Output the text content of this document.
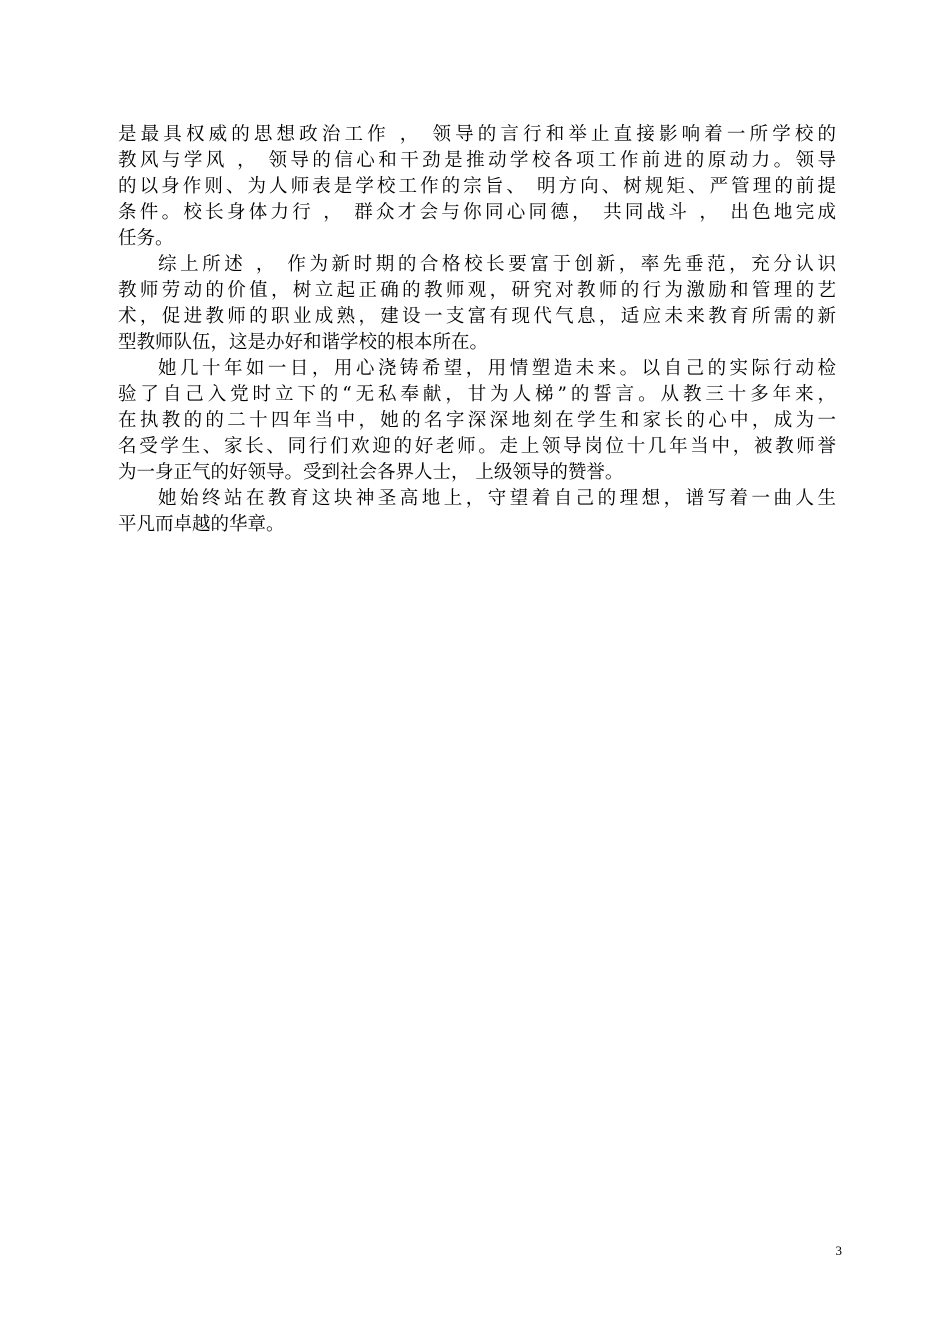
是最具权威的思想政治工作 ， 领导的言行和举止直接影响着一所学校的
教风与学风 ， 领导的信心和干劲是推动学校各项工作前进的原动力。领导
的以身作则、为人师表是学校工作的宗旨、 明方向、树规矩、严管理的前提
条件。校长身体力行 ， 群众才会与你同心同德， 共同战斗 ， 出色地完成
任务。
综上所述 ， 作为新时期的合格校长要富于创新，率先垂范，充分认识
教师劳动的价值，树立起正确的教师观，研究对教师的行为激励和管理的艺
术，促进教师的职业成熟，建设一支富有现代气息，适应未来教育所需的新
型教师队伍，这是办好和谐学校的根本所在。
她几十年如一日，用心浇铸希望，用情塑造未来。以自己的实际行动检
验了自己入党时立下的“无私奉献，甘为人梯”的誓言。从教三十多年来，
在执教的的二十四年当中，她的名字深深地刻在学生和家长的心中，成为一
名受学生、家长、同行们欢迎的好老师。走上领导岗位十几年当中，被教师誉
为一身正气的好领导。受到社会各界人士， 上级领导的赞誉。
她始终站在教育这块神圣高地上，守望着自己的理想，谱写着一曲人生
平凡而卓越的华章。
3
